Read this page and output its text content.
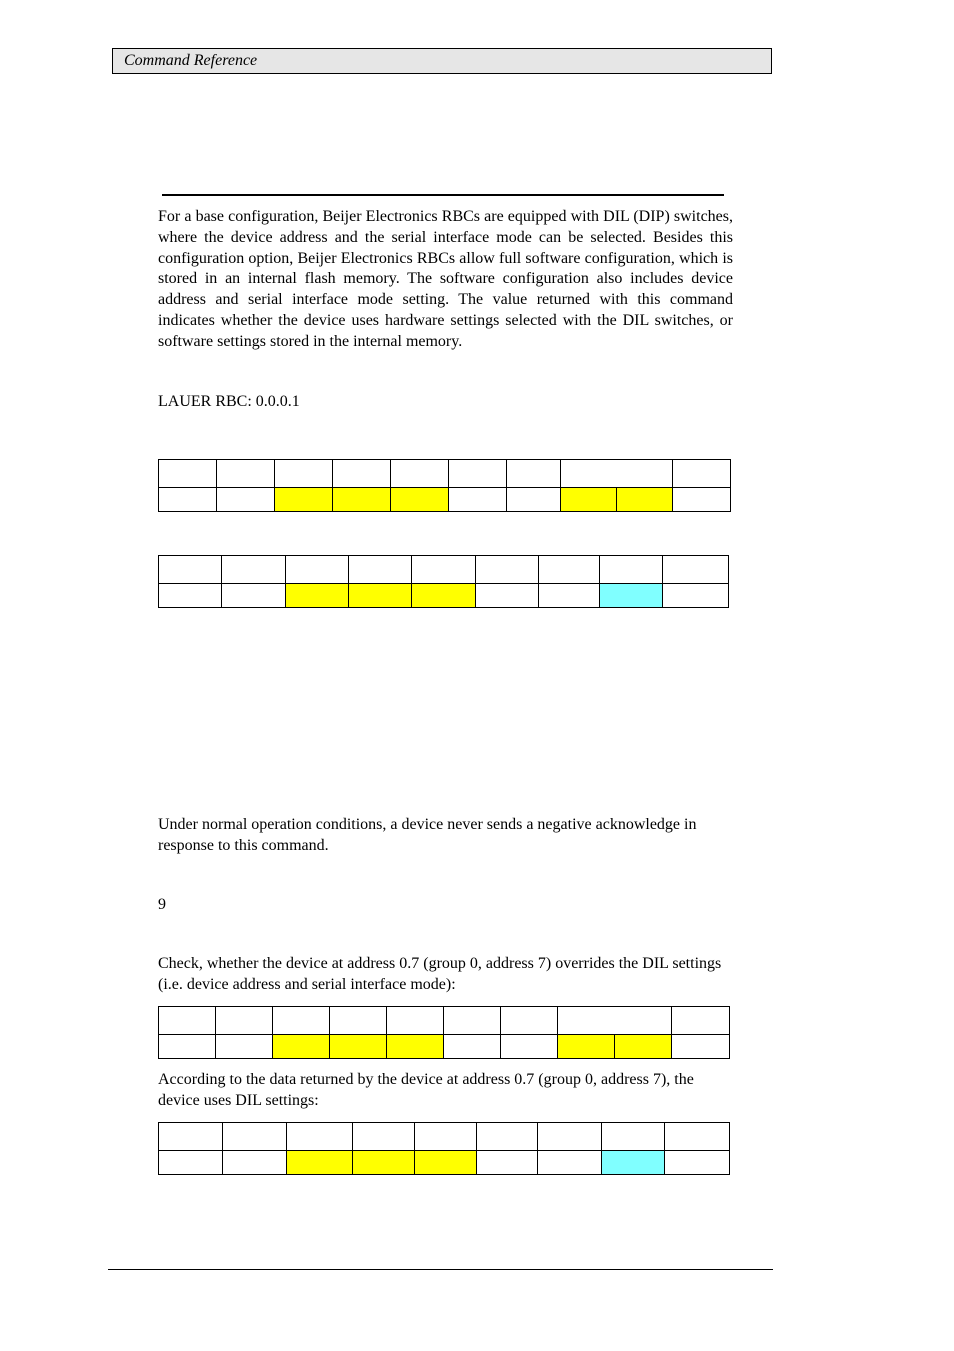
Command Reference
For a base configuration, Beijer Electronics RBCs are equipped with DIL (DIP) switches, where the device address and the serial interface mode can be selected. Besides this configuration option, Beijer Electronics RBCs allow full software configuration, which is stored in an internal flash memory. The software configuration also includes device address and serial interface mode setting. The value returned with this command indicates whether the device uses hardware settings selected with the DIL switches, or software settings stored in the internal memory.
LAUER RBC: 0.0.0.1

Under normal operation conditions, a device never sends a negative acknowledge in response to this command.
9
Check, whether the device at address 0.7 (group 0, address 7) overrides the DIL settings (i.e. device address and serial interface mode):

According to the data returned by the device at address 0.7 (group 0, address 7), the device uses DIL settings:
